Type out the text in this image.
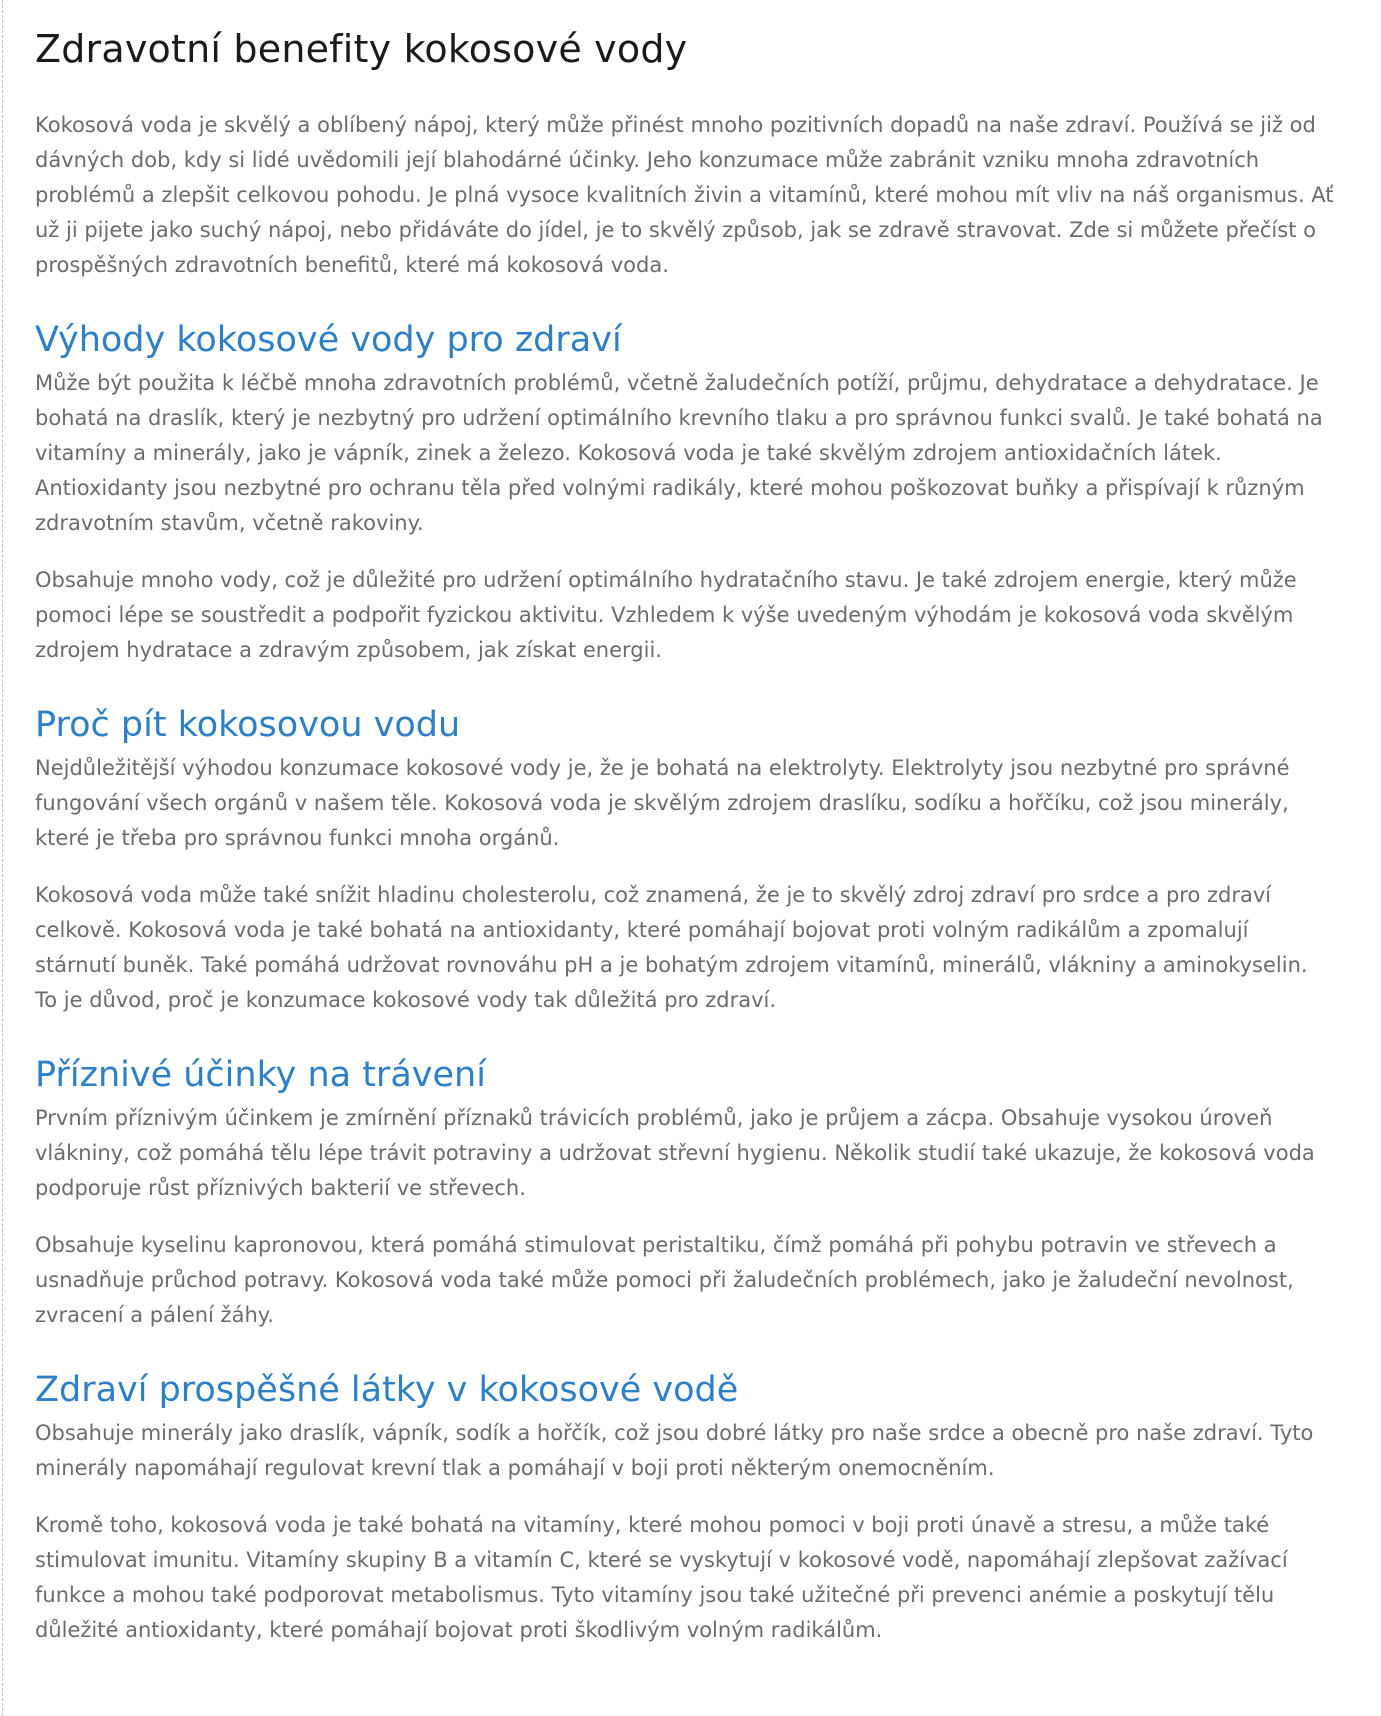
Zdravotní benefity kokosové vody

Kokosová voda je skvělý a oblíbený nápoj, který může přinést mnoho pozitivních dopadů na naše zdraví. Používá se již od dávných dob, kdy si lidé uvědomili její blahodárné účinky. Jeho konzumace může zabránit vzniku mnoha zdravotních problémů a zlepšit celkovou pohodu. Je plná vysoce kvalitních živin a vitamínů, které mohou mít vliv na náš organismus. Ať už ji pijete jako suchý nápoj, nebo přidáváte do jídel, je to skvělý způsob, jak se zdravě stravovat. Zde si můžete přečíst o prospěšných zdravotních benefitů, které má kokosová voda.

Výhody kokosové vody pro zdraví

Může být použita k léčbě mnoha zdravotních problémů, včetně žaludečních potíží, průjmu, dehydratace a dehydratace. Je bohatá na draslík, který je nezbytný pro udržení optimálního krevního tlaku a pro správnou funkci svalů. Je také bohatá na vitamíny a minerály, jako je vápník, zinek a železo. Kokosová voda je také skvělým zdrojem antioxidačních látek. Antioxidanty jsou nezbytné pro ochranu těla před volnými radikály, které mohou poškozovat buňky a přispívají k různým zdravotním stavům, včetně rakoviny.

Obsahuje mnoho vody, což je důležité pro udržení optimálního hydratačního stavu. Je také zdrojem energie, který může pomoci lépe se soustředit a podpořit fyzickou aktivitu. Vzhledem k výše uvedeným výhodám je kokosová voda skvělým zdrojem hydratace a zdravým způsobem, jak získat energii.

Proč pít kokosovou vodu

Nejdůležitější výhodou konzumace kokosové vody je, že je bohatá na elektrolyty. Elektrolyty jsou nezbytné pro správné fungování všech orgánů v našem těle. Kokosová voda je skvělým zdrojem draslíku, sodíku a hořčíku, což jsou minerály, které je třeba pro správnou funkci mnoha orgánů.

Kokosová voda může také snížit hladinu cholesterolu, což znamená, že je to skvělý zdroj zdraví pro srdce a pro zdraví celkově. Kokosová voda je také bohatá na antioxidanty, které pomáhají bojovat proti volným radikálům a zpomalují stárnutí buněk. Také pomáhá udržovat rovnováhu pH a je bohatým zdrojem vitamínů, minerálů, vlákniny a aminokyselin. To je důvod, proč je konzumace kokosové vody tak důležitá pro zdraví.

Příznivé účinky na trávení

Prvním příznivým účinkem je zmírnění příznaků trávicích problémů, jako je průjem a zácpa. Obsahuje vysokou úroveň vlákniny, což pomáhá tělu lépe trávit potraviny a udržovat střevní hygienu. Několik studií také ukazuje, že kokosová voda podporuje růst příznivých bakterií ve střevech.

Obsahuje kyselinu kapronovou, která pomáhá stimulovat peristaltiku, čímž pomáhá při pohybu potravin ve střevech a usnadňuje průchod potravy. Kokosová voda také může pomoci při žaludečních problémech, jako je žaludeční nevolnost, zvracení a pálení žáhy.

Zdraví prospěšné látky v kokosové vodě

Obsahuje minerály jako draslík, vápník, sodík a hořčík, což jsou dobré látky pro naše srdce a obecně pro naše zdraví. Tyto minerály napomáhají regulovat krevní tlak a pomáhají v boji proti některým onemocněním.

Kromě toho, kokosová voda je také bohatá na vitamíny, které mohou pomoci v boji proti únavě a stresu, a může také stimulovat imunitu. Vitamíny skupiny B a vitamín C, které se vyskytují v kokosové vodě, napomáhají zlepšovat zažívací funkce a mohou také podporovat metabolismus. Tyto vitamíny jsou také užitečné při prevenci anémie a poskytují tělu důležité antioxidanty, které pomáhají bojovat proti škodlivým volným radikálům.
